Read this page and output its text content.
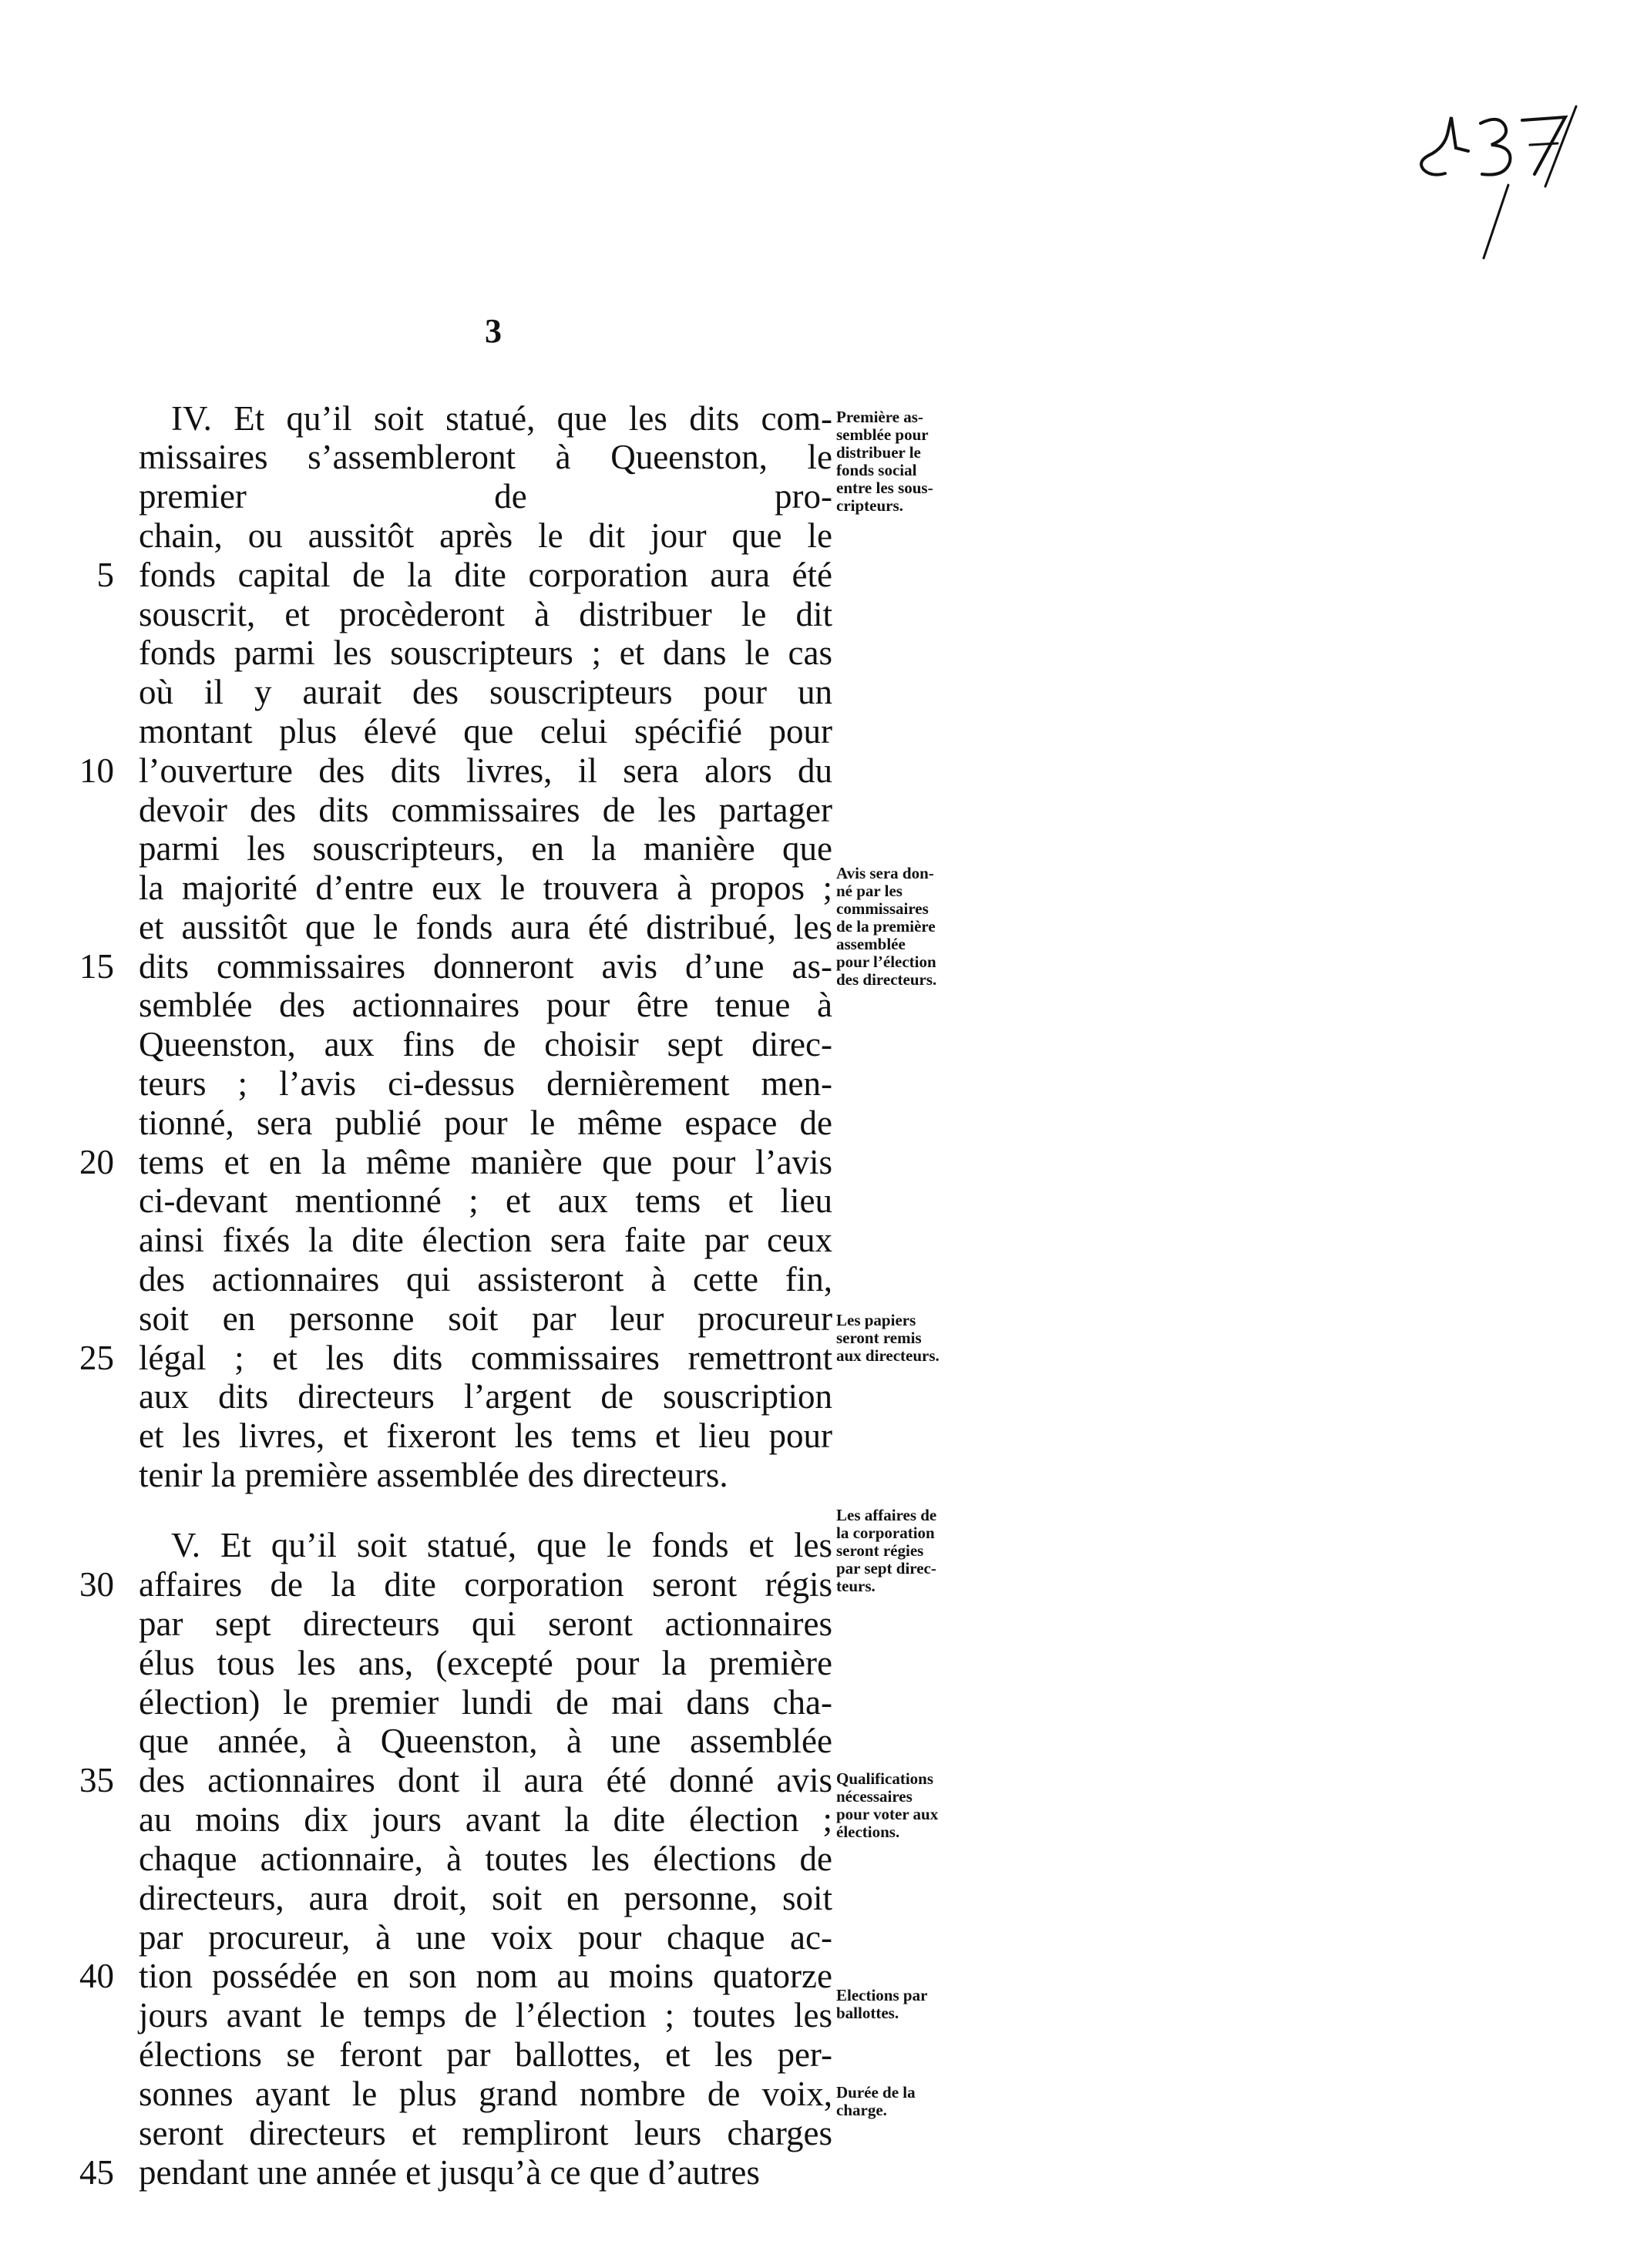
3
IV. Et qu’il soit statué, que les dits com-
missaires s’assembleront à Queenston, le
premier de pro-
chain, ou aussitôt après le dit jour que le
5 fonds capital de la dite corporation aura été
souscrit, et procèderont à distribuer le dit
fonds parmi les souscripteurs ; et dans le cas
où il y aurait des souscripteurs pour un
montant plus élevé que celui spécifié pour
10 l’ouverture des dits livres, il sera alors du
devoir des dits commissaires de les partager
parmi les souscripteurs, en la manière que
la majorité d’entre eux le trouvera à propos ;
et aussitôt que le fonds aura été distribué, les
15 dits commissaires donneront avis d’une as-
semblée des actionnaires pour être tenue à
Queenston, aux fins de choisir sept direc-
teurs ; l’avis ci-dessus dernièrement men-
tionné, sera publié pour le même espace de
20 tems et en la même manière que pour l’avis
ci-devant mentionné ; et aux tems et lieu
ainsi fixés la dite élection sera faite par ceux
des actionnaires qui assisteront à cette fin,
soit en personne soit par leur procureur
25 légal ; et les dits commissaires remettront
aux dits directeurs l’argent de souscription
et les livres, et fixeront les tems et lieu pour
tenir la première assemblée des directeurs.
V. Et qu’il soit statué, que le fonds et les
30 affaires de la dite corporation seront régis
par sept directeurs qui seront actionnaires
élus tous les ans, (excepté pour la première
élection) le premier lundi de mai dans cha-
que année, à Queenston, à une assemblée
35 des actionnaires dont il aura été donné avis
au moins dix jours avant la dite élection ;
chaque actionnaire, à toutes les élections de
directeurs, aura droit, soit en personne, soit
par procureur, à une voix pour chaque ac-
40 tion possédée en son nom au moins quatorze
jours avant le temps de l’élection ; toutes les
élections se feront par ballottes, et les per-
sonnes ayant le plus grand nombre de voix,
seront directeurs et rempliront leurs charges
45 pendant une année et jusqu’à ce que d’autres
Première as-
semblée pour
distribuer le
fonds social
entre les sous-
cripteurs.
Avis sera don-
né par les
commissaires
de la première
assemblée
pour l’élection
des directeurs.
Les papiers
seront remis
aux directeurs.
Les affaires de
la corporation
seront régies
par sept direc-
teurs.
Qualifications
nécessaires
pour voter aux
élections.
Elections par
ballottes.
Durée de la
charge.
